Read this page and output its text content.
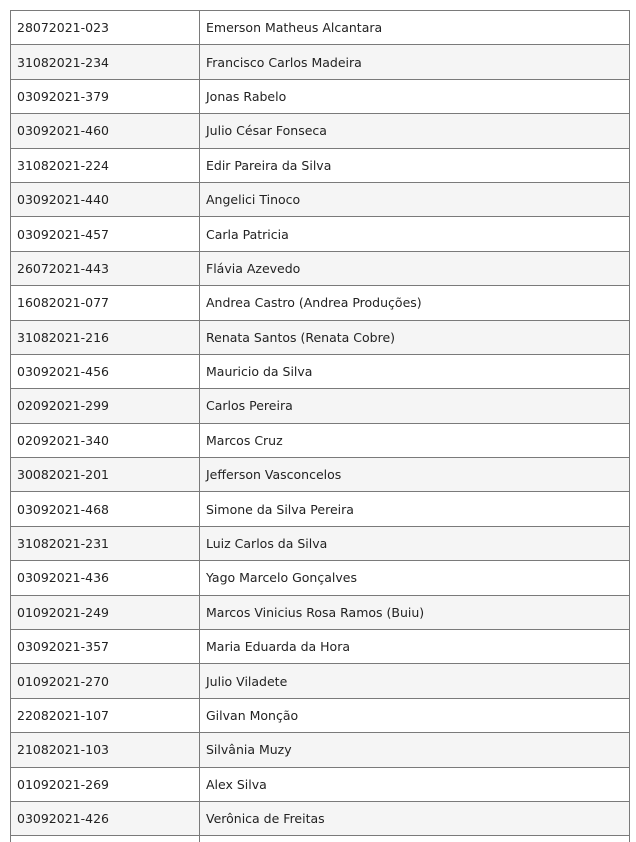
28072021-023	Emerson Matheus Alcantara
31082021-234	Francisco Carlos Madeira
03092021-379	Jonas Rabelo
03092021-460	Julio César Fonseca
31082021-224	Edir Pareira da Silva
03092021-440	Angelici Tinoco
03092021-457	Carla Patricia
26072021-443	Flávia Azevedo
16082021-077	Andrea Castro (Andrea Produções)
31082021-216	Renata Santos (Renata Cobre)
03092021-456	Mauricio da Silva
02092021-299	Carlos Pereira
02092021-340	Marcos Cruz
30082021-201	Jefferson Vasconcelos
03092021-468	Simone da Silva Pereira
31082021-231	Luiz Carlos da Silva
03092021-436	Yago Marcelo Gonçalves
01092021-249	Marcos Vinicius Rosa Ramos (Buiu)
03092021-357	Maria Eduarda da Hora
01092021-270	Julio Viladete
22082021-107	Gilvan Monção
21082021-103	Silvânia Muzy
01092021-269	Alex Silva
03092021-426	Verônica de Freitas
